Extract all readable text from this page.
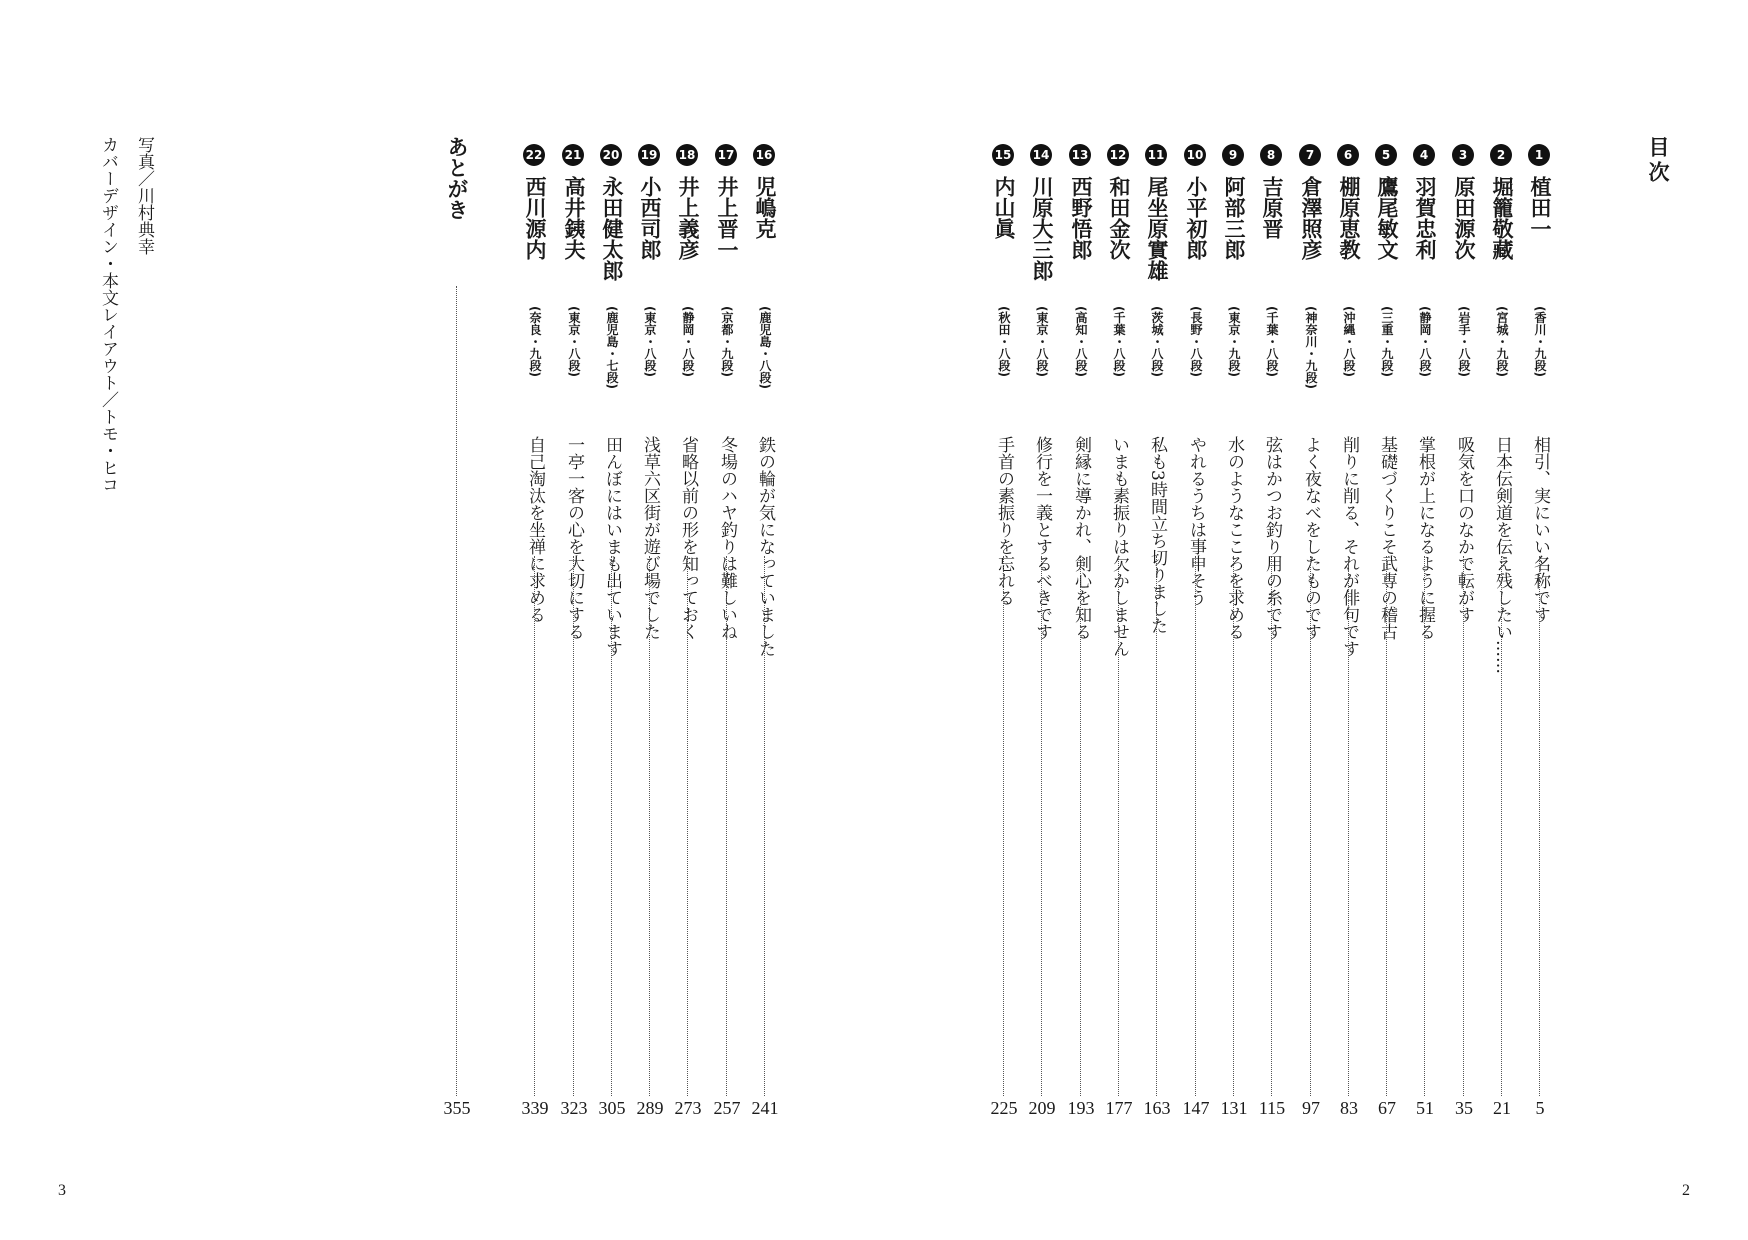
目次
1
植田一
(香川・九段)
相引、実にいい名称です
5
2
堀籠敬藏
(宮城・九段)
日本伝剣道を伝え残したい……
21
3
原田源次
(岩手・八段)
吸気を口のなかで転がす
35
4
羽賀忠利
(静岡・八段)
掌根が上になるように握る
51
5
鷹尾敏文
(三重・九段)
基礎づくりこそ武専の稽古
67
6
棚原恵教
(沖縄・八段)
削りに削る、それが俳句です
83
7
倉澤照彦
(神奈川・九段)
よく夜なべをしたものです
97
8
吉原晋
(千葉・八段)
弦はかつお釣り用の糸です
115
9
阿部三郎
(東京・九段)
水のようなこころを求める
131
10
小平初郎
(長野・八段)
やれるうちは事申そう
147
11
尾坐原實雄
(茨城・八段)
私も3時間立ち切りました
163
12
和田金次
(千葉・八段)
いまも素振りは欠かしません
177
13
西野悟郎
(高知・八段)
剣縁に導かれ、剣心を知る
193
14
川原大三郎
(東京・八段)
修行を一義とするべきです
209
15
内山眞
(秋田・八段)
手首の素振りを忘れる
225
16
児嶋克
(鹿児島・八段)
鉄の輪が気になっていました
241
17
井上晋一
(京都・九段)
冬場のハヤ釣りは難しいね
257
18
井上義彦
(静岡・八段)
省略以前の形を知っておく
273
19
小西司郎
(東京・八段)
浅草六区街が遊び場でした
289
20
永田健太郎
(鹿児島・七段)
田んぼにはいまも出ています
305
21
高井銕夫
(東京・八段)
一亭一客の心を大切にする
323
22
西川源内
(奈良・九段)
自己淘汰を坐禅に求める
339
あとがき
355
写真／川村典幸
カバーデザイン・本文レイアウト／トモ・ヒコ
3	2
